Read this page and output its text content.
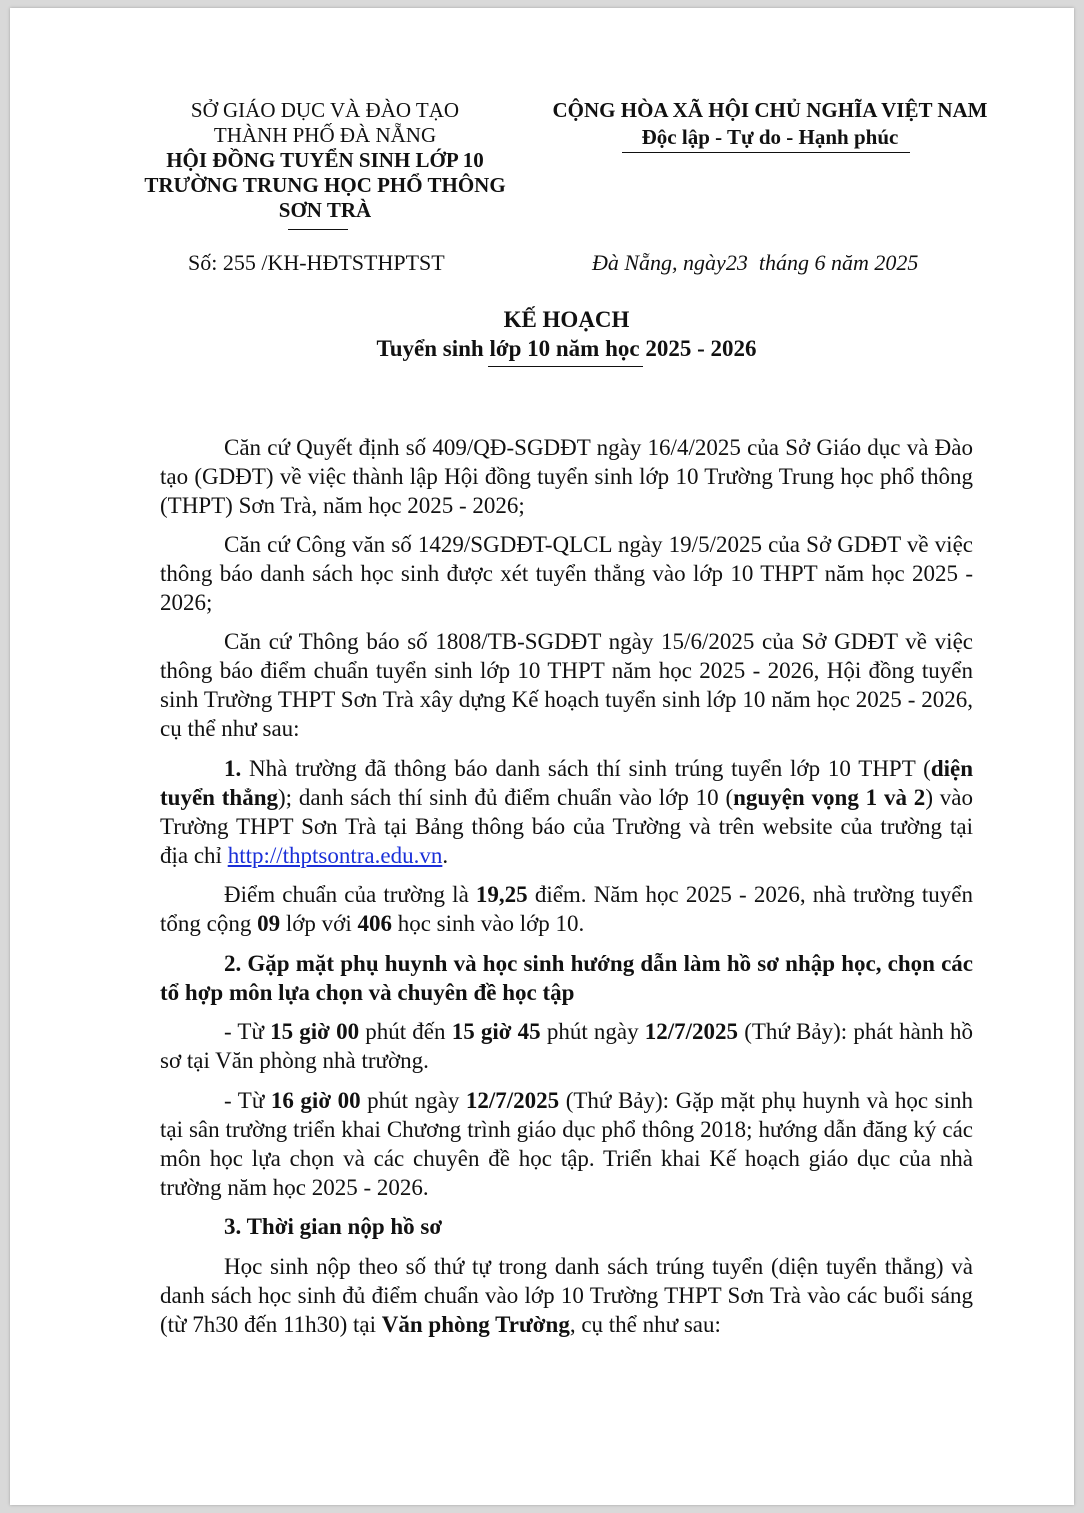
SỞ GIÁO DỤC VÀ ĐÀO TẠO
THÀNH PHỐ ĐÀ NẴNG
HỘI ĐỒNG TUYỂN SINH LỚP 10
TRƯỜNG TRUNG HỌC PHỔ THÔNG
SƠN TRÀ
CỘNG HÒA XÃ HỘI CHỦ NGHĨA VIỆT NAM
Độc lập - Tự do - Hạnh phúc
Số: 255 /KH-HĐTSTHPTST	Đà Nẵng, ngày23  tháng 6 năm 2025
KẾ HOẠCH
Tuyển sinh lớp 10 năm học 2025 - 2026
Căn cứ Quyết định số 409/QĐ-SGDĐT ngày 16/4/2025 của Sở Giáo dục và Đào tạo (GDĐT) về việc thành lập Hội đồng tuyển sinh lớp 10 Trường Trung học phổ thông (THPT) Sơn Trà, năm học 2025 - 2026;
Căn cứ Công văn số 1429/SGDĐT-QLCL ngày 19/5/2025 của Sở GDĐT về việc thông báo danh sách học sinh được xét tuyển thẳng vào lớp 10 THPT năm học 2025 - 2026;
Căn cứ Thông báo số 1808/TB-SGDĐT ngày 15/6/2025 của Sở GDĐT về việc thông báo điểm chuẩn tuyển sinh lớp 10 THPT năm học 2025 - 2026, Hội đồng tuyển sinh Trường THPT Sơn Trà xây dựng Kế hoạch tuyển sinh lớp 10 năm học 2025 - 2026, cụ thể như sau:
1. Nhà trường đã thông báo danh sách thí sinh trúng tuyển lớp 10 THPT (diện tuyển thẳng); danh sách thí sinh đủ điểm chuẩn vào lớp 10 (nguyện vọng 1 và 2) vào Trường THPT Sơn Trà tại Bảng thông báo của Trường và trên website của trường tại địa chỉ http://thptsontra.edu.vn.
Điểm chuẩn của trường là 19,25 điểm. Năm học 2025 - 2026, nhà trường tuyển tổng cộng 09 lớp với 406 học sinh vào lớp 10.
2. Gặp mặt phụ huynh và học sinh hướng dẫn làm hồ sơ nhập học, chọn các tổ hợp môn lựa chọn và chuyên đề học tập
- Từ 15 giờ 00 phút đến 15 giờ 45 phút ngày 12/7/2025 (Thứ Bảy): phát hành hồ sơ tại Văn phòng nhà trường.
- Từ 16 giờ 00 phút ngày 12/7/2025 (Thứ Bảy): Gặp mặt phụ huynh và học sinh tại sân trường triển khai Chương trình giáo dục phổ thông 2018; hướng dẫn đăng ký các môn học lựa chọn và các chuyên đề học tập. Triển khai Kế hoạch giáo dục của nhà trường năm học 2025 - 2026.
3. Thời gian nộp hồ sơ
Học sinh nộp theo số thứ tự trong danh sách trúng tuyển (diện tuyển thẳng) và danh sách học sinh đủ điểm chuẩn vào lớp 10 Trường THPT Sơn Trà vào các buổi sáng (từ 7h30 đến 11h30) tại Văn phòng Trường, cụ thể như sau:
